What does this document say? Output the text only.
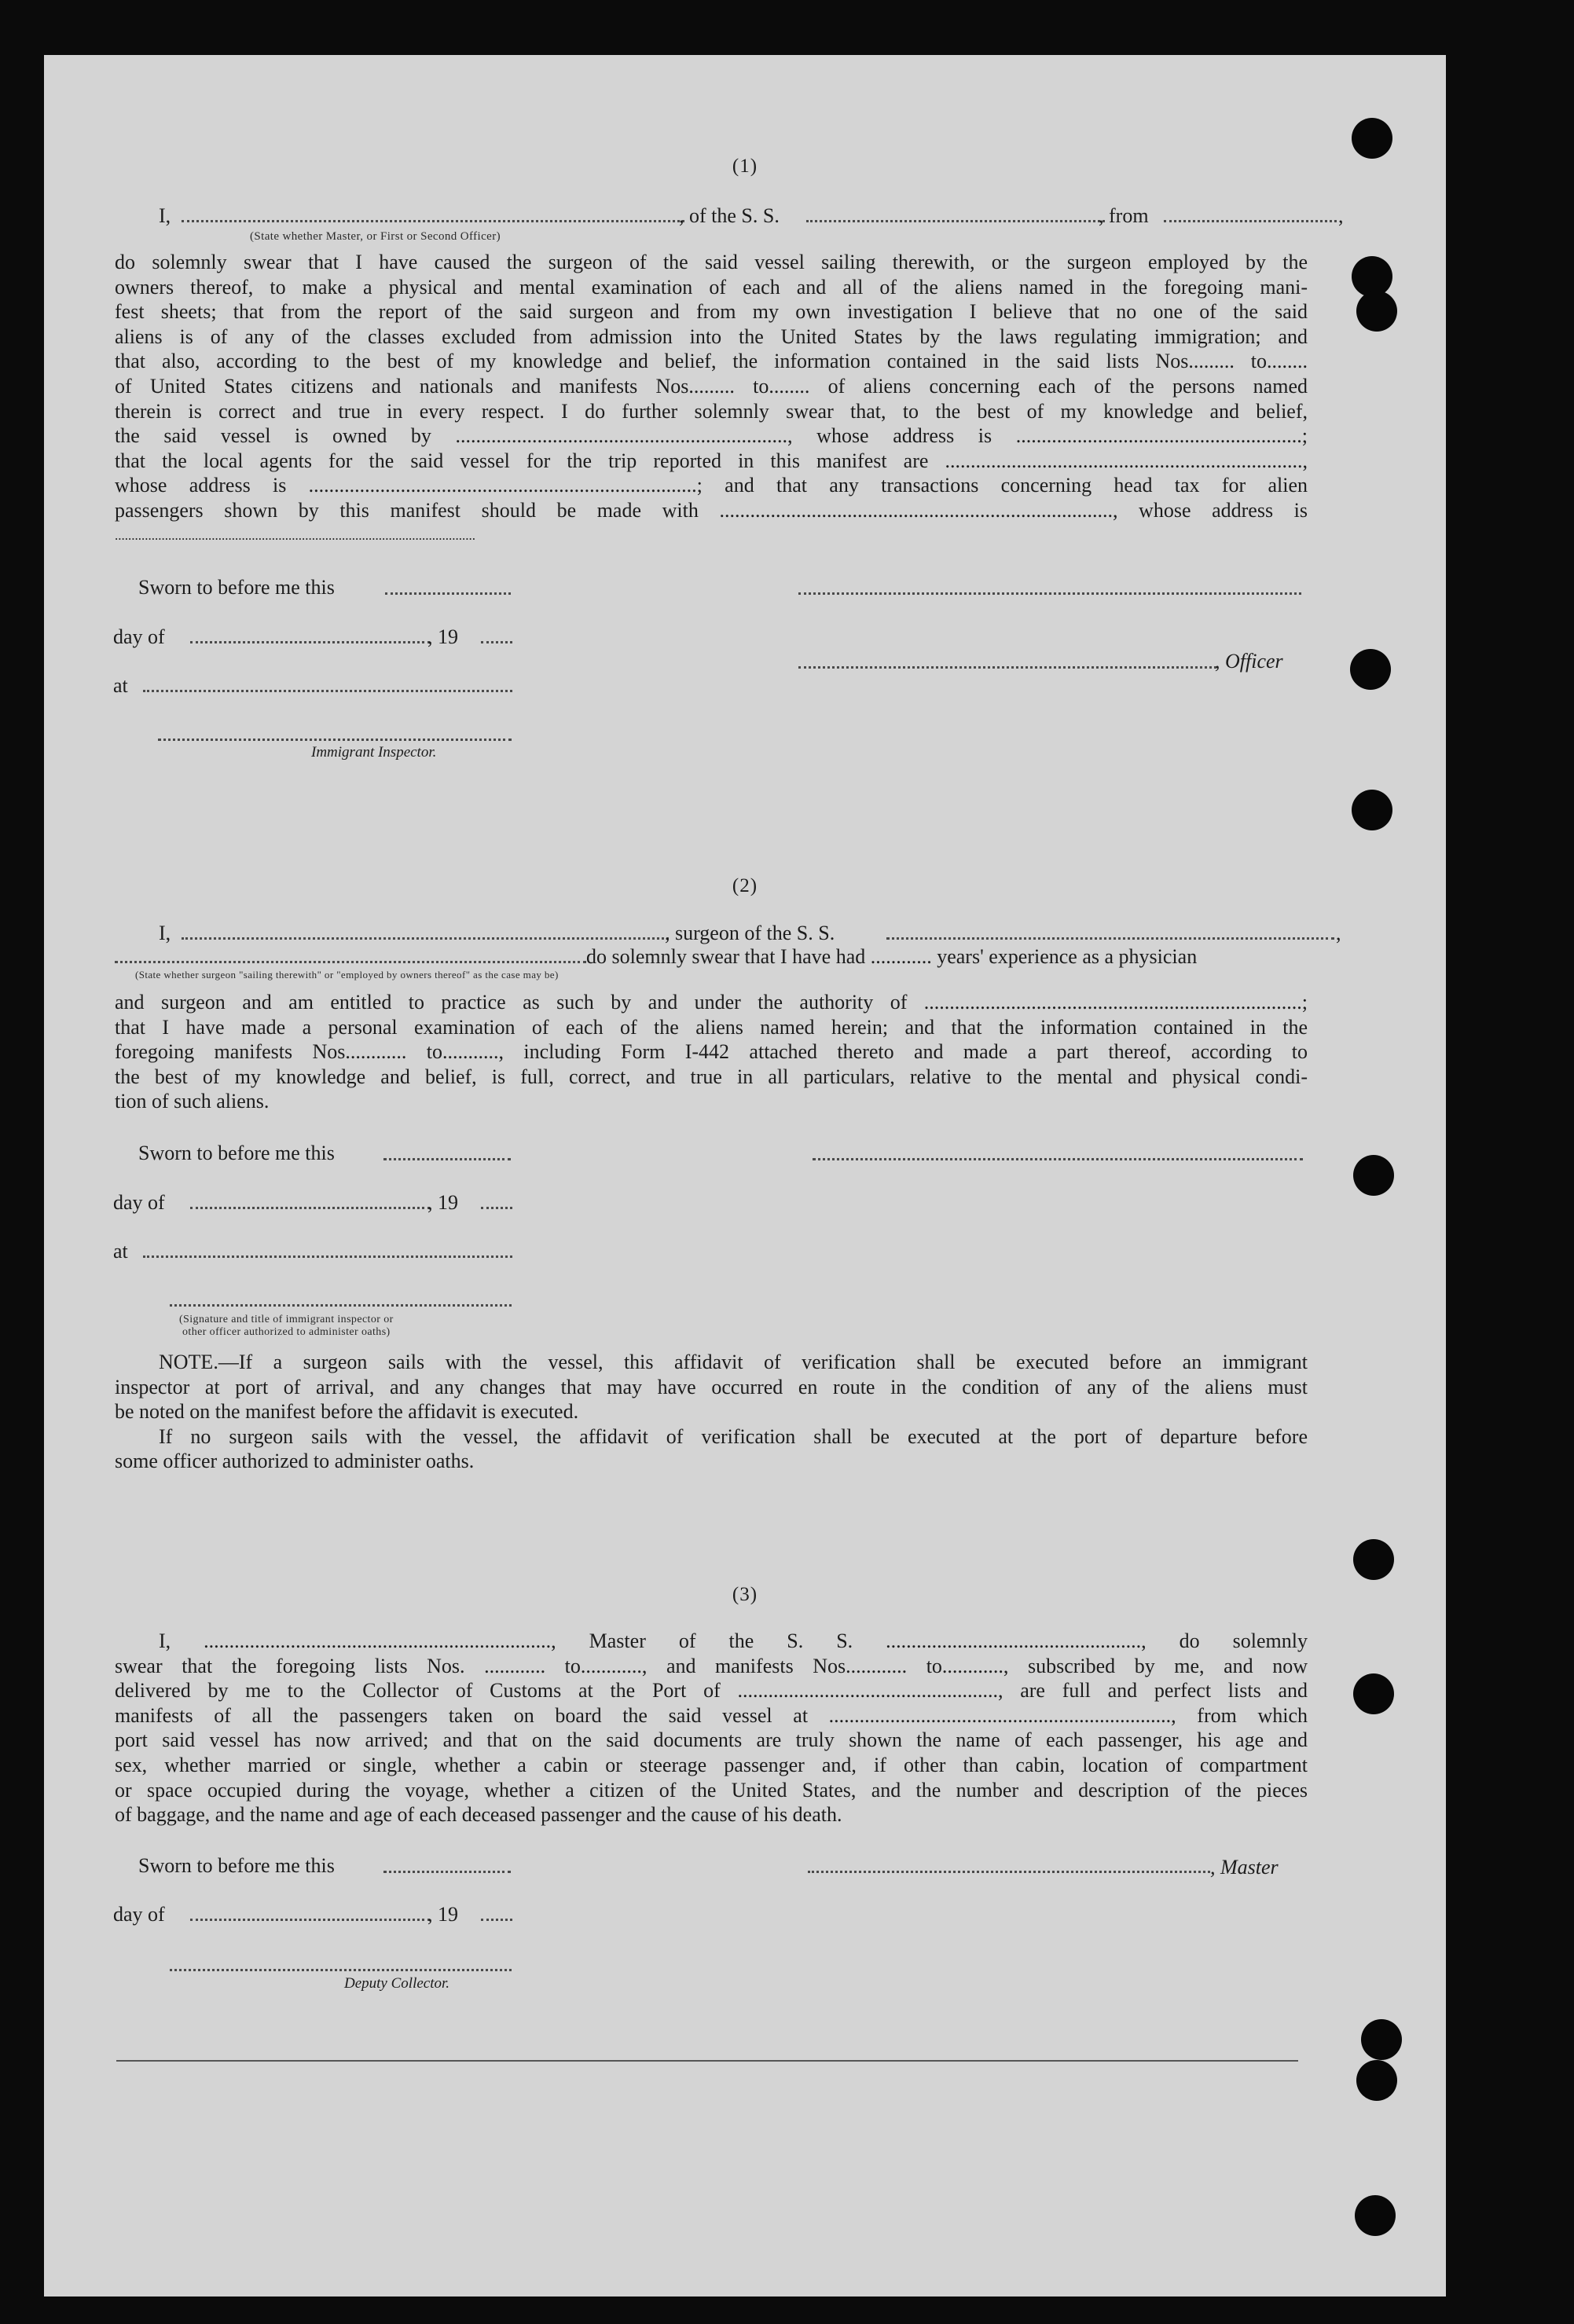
(1)
I,	, of the S. S.	, from	,
(State whether Master, or First or Second Officer)
do solemnly swear that I have caused the surgeon of the said vessel sailing therewith, or the surgeon employed by the
owners thereof, to make a physical and mental examination of each and all of the aliens named in the foregoing mani-
fest sheets; that from the report of the said surgeon and from my own investigation I believe that no one of the said
aliens is of any of the classes excluded from admission into the United States by the laws regulating immigration; and
that also, according to the best of my knowledge and belief, the information contained in the said lists Nos......... to........
of United States citizens and nationals and manifests Nos......... to........ of aliens concerning each of the persons named
therein is correct and true in every respect. I do further solemnly swear that, to the best of my knowledge and belief,
the said vessel is owned by ................................................................., whose address is ........................................................;
that the local agents for the said vessel for the trip reported in this manifest are ......................................................................,
whose address is ............................................................................; and that any transactions concerning head tax for alien
passengers shown by this manifest should be made with ............................................................................., whose address is
............................................................................................................
Sworn to before me this
day of	, 19
, Officer
at
Immigrant Inspector.
(2)
I,	, surgeon of the S. S.	,
do solemnly swear that I have had ............ years' experience as a physician
(State whether surgeon "sailing therewith" or "employed by owners thereof" as the case may be)
and surgeon and am entitled to practice as such by and under the authority of ..........................................................................;
that I have made a personal examination of each of the aliens named herein; and that the information contained in the
foregoing manifests Nos............ to..........., including Form I-442 attached thereto and made a part thereof, according to
the best of my knowledge and belief, is full, correct, and true in all particulars, relative to the mental and physical condi-
tion of such aliens.
Sworn to before me this
day of	, 19
at
(Signature and title of immigrant inspector or
other officer authorized to administer oaths)
NOTE.—If a surgeon sails with the vessel, this affidavit of verification shall be executed before an immigrant
inspector at port of arrival, and any changes that may have occurred en route in the condition of any of the aliens must
be noted on the manifest before the affidavit is executed.
If no surgeon sails with the vessel, the affidavit of verification shall be executed at the port of departure before
some officer authorized to administer oaths.
(3)
I, ...................................................................., Master of the S. S. .................................................., do solemnly
swear that the foregoing lists Nos. ............ to............, and manifests Nos............ to............, subscribed by me, and now
delivered by me to the Collector of Customs at the Port of ..................................................., are full and perfect lists and
manifests of all the passengers taken on board the said vessel at ..................................................................., from which
port said vessel has now arrived; and that on the said documents are truly shown the name of each passenger, his age and
sex, whether married or single, whether a cabin or steerage passenger and, if other than cabin, location of compartment
or space occupied during the voyage, whether a citizen of the United States, and the number and description of the pieces
of baggage, and the name and age of each deceased passenger and the cause of his death.
Sworn to before me this	, Master
day of	, 19
Deputy Collector.
